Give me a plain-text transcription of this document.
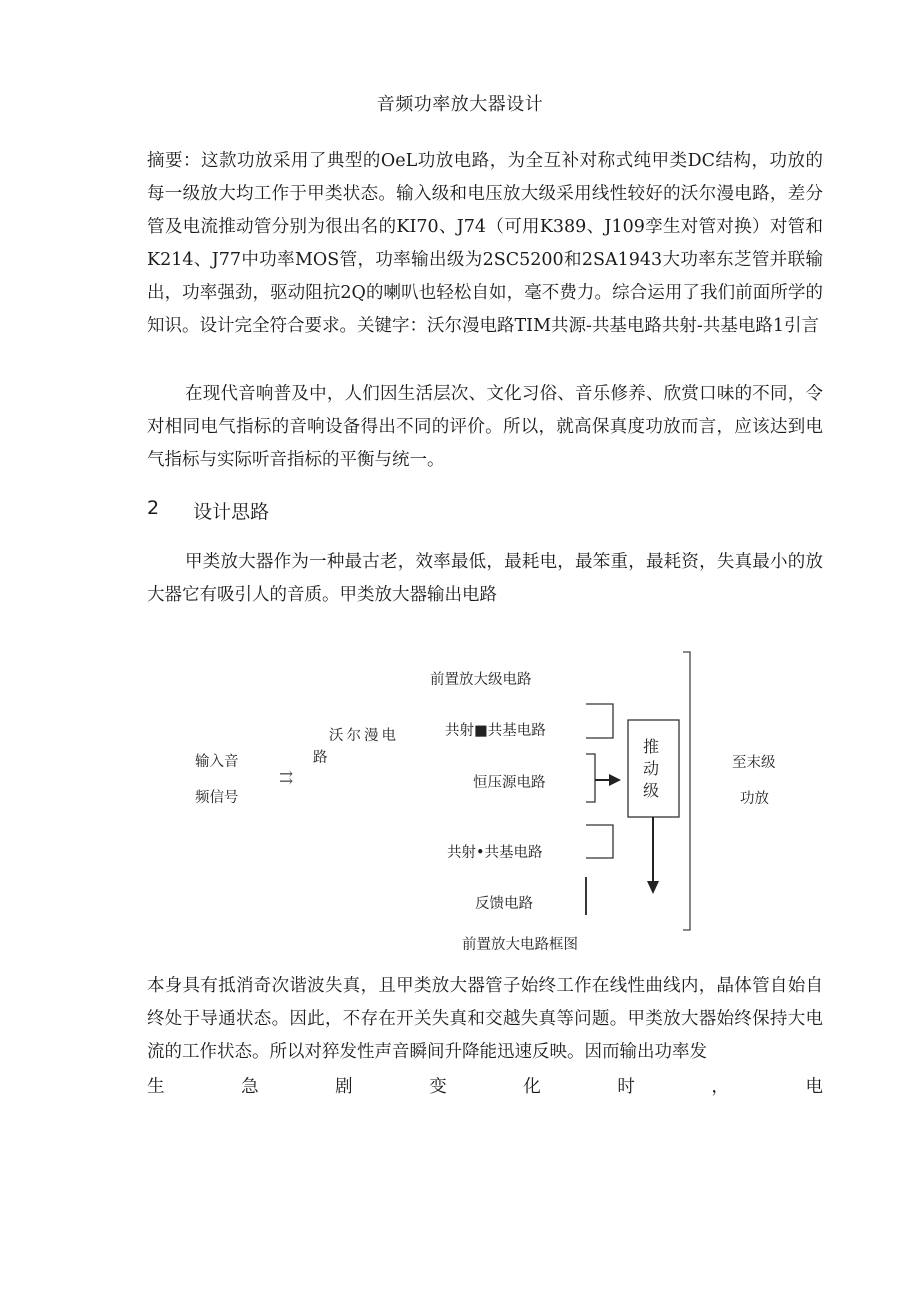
音频功率放大器设计

摘要：这款功放采用了典型的OeL功放电路，为全互补对称式纯甲类DC结构，功放的每一级放大均工作于甲类状态。输入级和电压放大级采用线性较好的沃尔漫电路，差分管及电流推动管分别为很出名的KI70、J74（可用K389、J109孪生对管对换）对管和K214、J77中功率MOS管，功率输出级为2SC5200和2SA1943大功率东芝管并联输出，功率强劲，驱动阻抗2Q的喇叭也轻松自如，毫不费力。综合运用了我们前面所学的知识。设计完全符合要求。关键字：沃尔漫电路TIM共源-共基电路共射-共基电路1引言

在现代音响普及中，人们因生活层次、文化习俗、音乐修养、欣赏口味的不同，令对相同电气指标的音响设备得出不同的评价。所以，就高保真度功放而言，应该达到电气指标与实际听音指标的平衡与统一。

2 设计思路

甲类放大器作为一种最古老，效率最低，最耗电，最笨重，最耗资，失真最小的放大器它有吸引人的音质。甲类放大器输出电路

输入音
频信号
⇉
沃尔漫电
路
前置放大级电路
共射■共基电路
恒压源电路
共射•共基电路
反馈电路
推
动
级
至末级
功放
前置放大电路框图

本身具有抵消奇次谐波失真，且甲类放大器管子始终工作在线性曲线内，晶体管自始自终处于导通状态。因此，不存在开关失真和交越失真等问题。甲类放大器始终保持大电流的工作状态。所以对猝发性声音瞬间升降能迅速反映。因而输出功率发

生	急	剧	变	化	时	，	电
